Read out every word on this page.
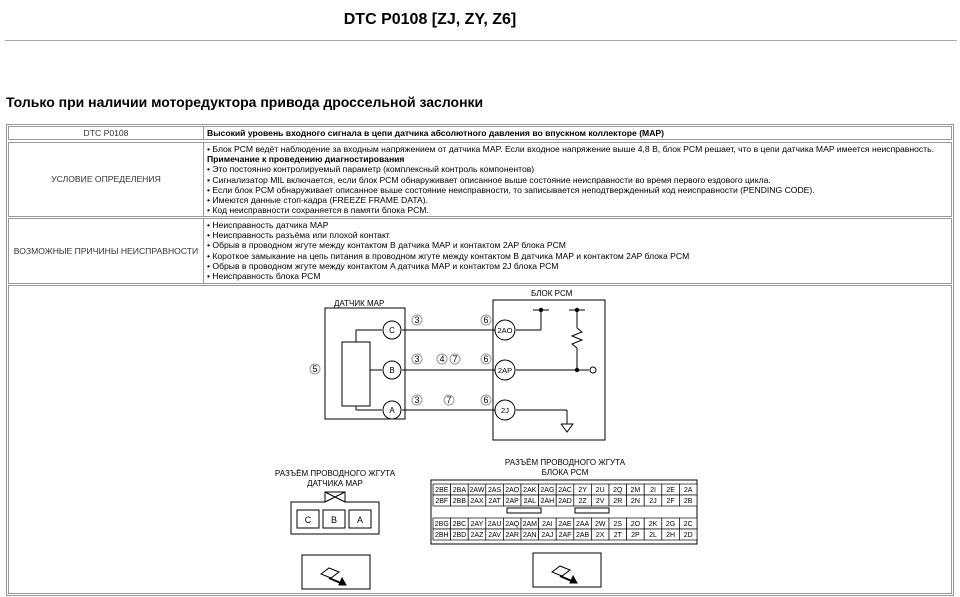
DTC P0108 [ZJ, ZY, Z6]
Только при наличии моторедуктора привода дроссельной заслонки
DTC P0108	Высокий уровень входного сигнала в цепи датчика абсолютного давления во впускном коллекторе (MAP)
УСЛОВИЕ ОПРЕДЕЛЕНИЯ
• Блок PCM ведёт наблюдение за входным напряжением от датчика MAP. Если входное напряжение выше 4,8 В, блок PCM решает, что в цепи датчика MAP имеется неисправность.
Примечание к проведению диагностирования
• Это постоянно контролируемый параметр (комплексный контроль компонентов)
• Сигнализатор MIL включается, если блок PCM обнаруживает описанное выше состояние неисправности во время первого ездового цикла.
• Если блок PCM обнаруживает описанное выше состояние неисправности, то записывается неподтвержденный код неисправности (PENDING CODE).
• Имеются данные стоп-кадра (FREEZE FRAME DATA).
• Код неисправности сохраняется в памяти блока PCM.
ВОЗМОЖНЫЕ ПРИЧИНЫ НЕИСПРАВНОСТИ
• Неисправность датчика MAP
• Неисправность разъёма или плохой контакт
• Обрыв в проводном жгуте между контактом B датчика MAP и контактом 2AP блока PCM
• Короткое замыкание на цепь питания в проводном жгуте между контактом B датчика MAP и контактом 2AP блока PCM
• Обрыв в проводном жгуте между контактом A датчика MAP и контактом 2J блока PCM
• Неисправность блока PCM
ДАТЧИК MAP
БЛОК PCM
C
B
A
2AO
2AP
2J
3
3
3
6
6
6
4 7
7
5
РАЗЪЁМ ПРОВОДНОГО ЖГУТА
ДАТЧИКА MAP
C B A
РАЗЪЁМ ПРОВОДНОГО ЖГУТА
БЛОКА PCM
2BE 2BA 2AW 2AS 2AO 2AK 2AG 2AC 2Y 2U 2Q 2M 2I 2E 2A
2BF 2BB 2AX 2AT 2AP 2AL 2AH 2AD 2Z 2V 2R 2N 2J 2F 2B
2BG 2BC 2AY 2AU 2AQ 2AM 2AI 2AE 2AA 2W 2S 2O 2K 2G 2C
2BH 2BD 2AZ 2AV 2AR 2AN 2AJ 2AF 2AB 2X 2T 2P 2L 2H 2D
